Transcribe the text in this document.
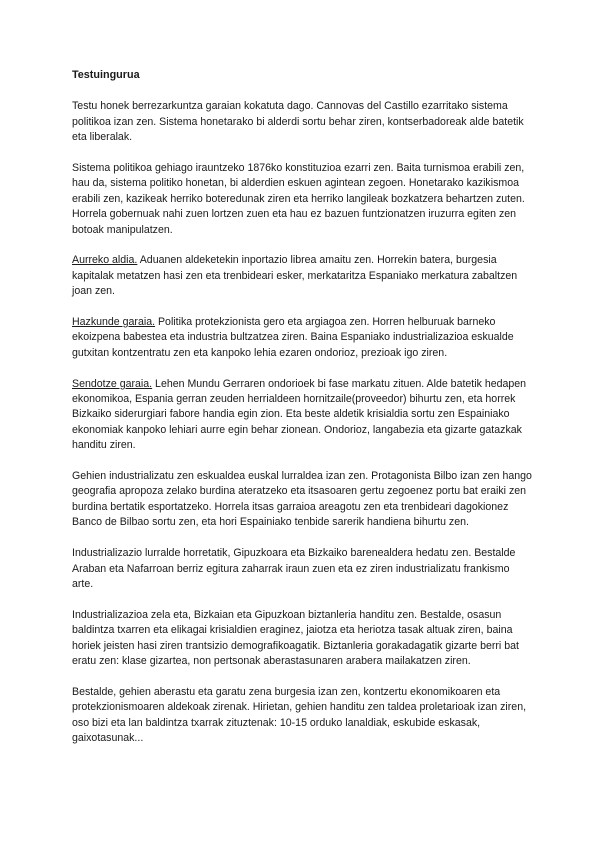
Testuingurua

Testu honek berrezarkuntza garaian kokatuta dago. Cannovas del Castillo ezarritako sistema politikoa izan zen. Sistema honetarako bi alderdi sortu behar ziren, kontserbadoreak alde batetik eta liberalak.

Sistema politikoa gehiago irauntzeko 1876ko konstituzioa ezarri zen. Baita turnismoa erabili zen, hau da, sistema politiko honetan, bi alderdien eskuen agintean zegoen. Honetarako kazikismoa erabili zen, kazikeak herriko boteredunak ziren eta herriko langileak bozkatzera behartzen zuten. Horrela gobernuak nahi zuen lortzen zuen eta hau ez bazuen funtzionatzen iruzurra egiten zen botoak manipulatzen.

Aurreko aldia. Aduanen aldeketekin inportazio librea amaitu zen. Horrekin batera, burgesia kapitalak metatzen hasi zen eta trenbideari esker, merkataritza Espaniako merkatura zabaltzen joan zen.

Hazkunde garaia. Politika protekzionista gero eta argiagoa zen. Horren helburuak barneko ekoizpena babestea eta industria bultzatzea ziren. Baina Espaniako industrializazioa eskualde gutxitan kontzentratu zen eta kanpoko lehia ezaren ondorioz, prezioak igo ziren.

Sendotze garaia. Lehen Mundu Gerraren ondorioek bi fase markatu zituen. Alde batetik hedapen ekonomikoa, Espania gerran zeuden herrialdeen hornitzaile(proveedor) bihurtu zen, eta horrek Bizkaiko siderurgiari fabore handia egin zion. Eta beste aldetik krisialdia sortu zen Espainiako ekonomiak kanpoko lehiari aurre egin behar zionean. Ondorioz, langabezia eta gizarte gatazkak handitu ziren.

Gehien industrializatu zen eskualdea euskal lurraldea izan zen. Protagonista Bilbo izan zen hango geografia apropoza zelako burdina ateratzeko eta itsasoaren gertu zegoenez portu bat eraiki zen burdina bertatik esportatzeko. Horrela itsas garraioa areagotu zen eta trenbideari dagokionez Banco de Bilbao sortu zen, eta hori Espainiako tenbide sarerik handiena bihurtu zen.

Industrializazio lurralde horretatik, Gipuzkoara eta Bizkaiko barenealdera hedatu zen. Bestalde Araban eta Nafarroan berriz egitura zaharrak iraun zuen eta ez ziren industrializatu frankismo arte.

Industrializazioa zela eta, Bizkaian eta Gipuzkoan biztanleria handitu zen. Bestalde, osasun baldintza txarren eta elikagai krisialdien eraginez, jaiotza eta heriotza tasak altuak ziren, baina horiek jeisten hasi ziren trantsizio demografikoagatik. Biztanleria gorakadagatik gizarte berri bat eratu zen: klase gizartea, non pertsonak aberastasunaren arabera mailakatzen ziren.

Bestalde, gehien aberastu eta garatu zena burgesia izan zen, kontzertu ekonomikoaren eta protekzionismoaren aldekoak zirenak. Hirietan, gehien handitu zen taldea proletarioak izan ziren, oso bizi eta lan baldintza txarrak zituztenak: 10-15 orduko lanaldiak, eskubide eskasak, gaixotasunak...
